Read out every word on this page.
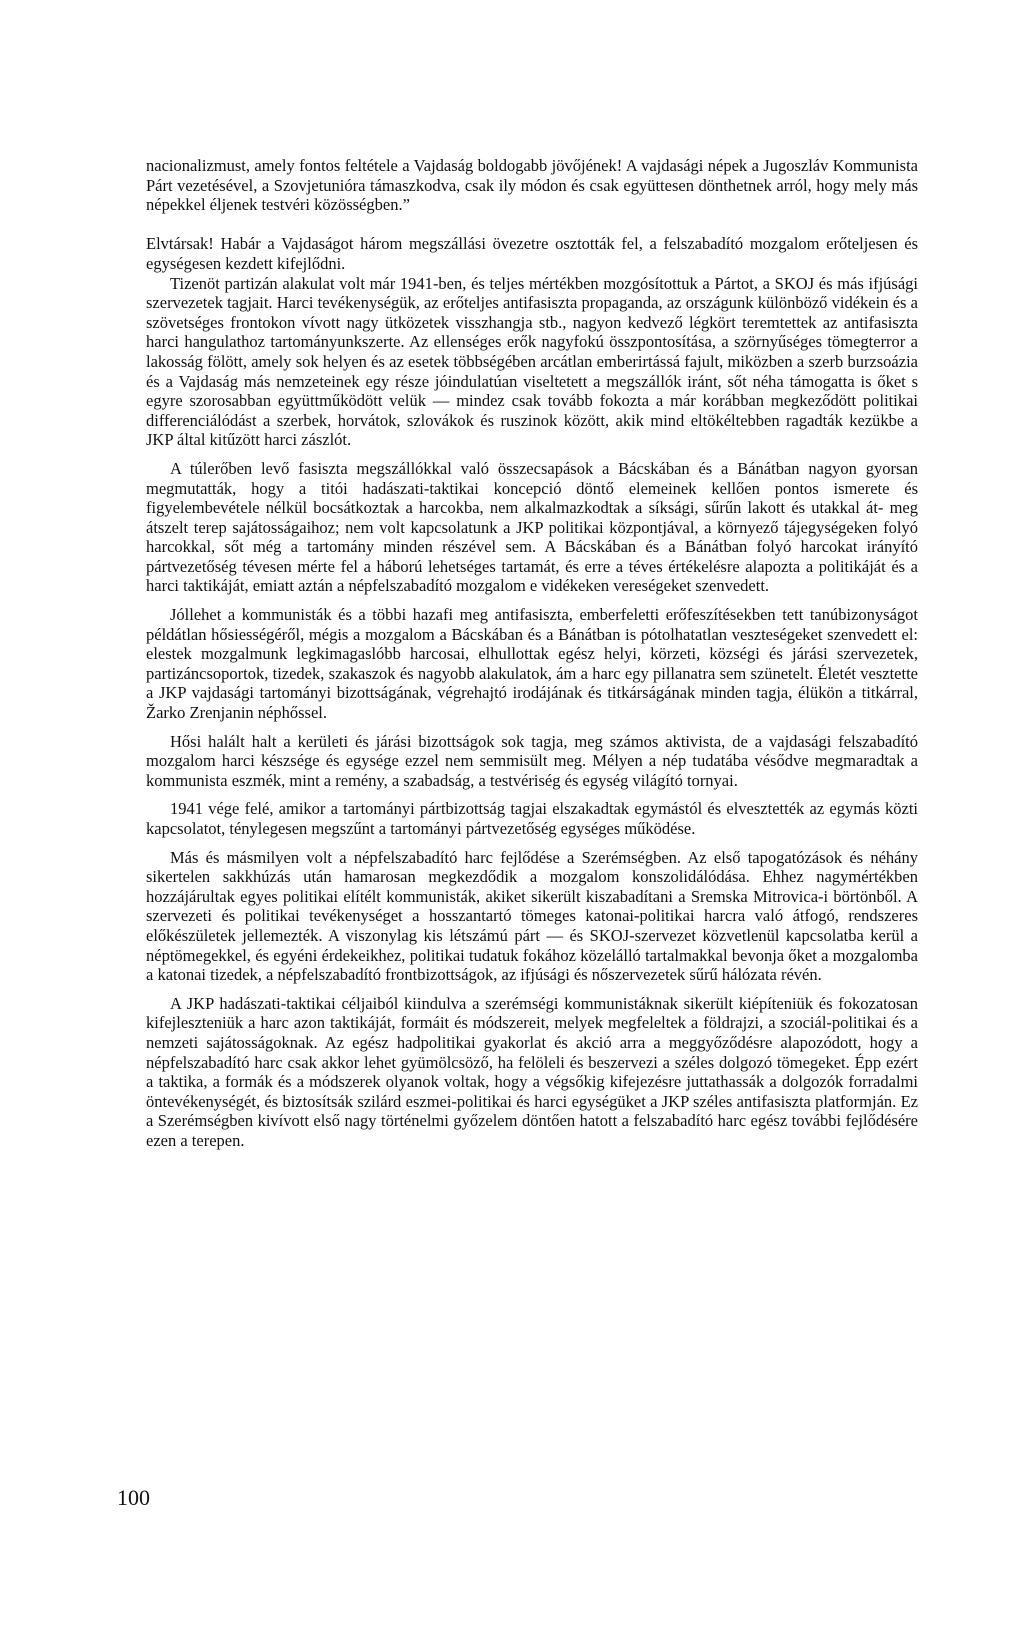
nacionalizmust, amely fontos feltétele a Vajdaság boldogabb jövőjének! A vajdasági népek a Jugoszláv Kommunista Párt vezetésével, a Szovjetunióra támaszkodva, csak ily módon és csak együttesen dönthetnek arról, hogy mely más népekkel éljenek testvéri közösségben.”

Elvtársak! Habár a Vajdaságot három megszállási övezetre osztották fel, a felszabadító mozgalom erőteljesen és egységesen kezdett kifejlődni.

Tizenöt partizán alakulat volt már 1941-ben, és teljes mértékben mozgósítottuk a Pártot, a SKOJ és más ifjúsági szervezetek tagjait. Harci tevékenységük, az erőteljes antifasiszta propaganda, az országunk különböző vidékein és a szövetséges frontokon vívott nagy ütközetek visszhangja stb., nagyon kedvező légkört teremtettek az antifasiszta harci hangulathoz tartományunkszerte. Az ellenséges erők nagyfokú összpontosítása, a szörnyűséges tömegterror a lakosság fölött, amely sok helyen és az esetek többségében arcátlan emberirtássá fajult, miközben a szerb burzsoázia és a Vajdaság más nemzeteinek egy része jóindulatúan viseltetett a megszállók iránt, sőt néha támogatta is őket s egyre szorosabban együttműködött velük — mindez csak tovább fokozta a már korábban megkeződött politikai differenciálódást a szerbek, horvátok, szlovákok és ruszinok között, akik mind eltökéltebben ragadták kezükbe a JKP által kitűzött harci zászlót.

A túlerőben levő fasiszta megszállókkal való összecsapások a Bácskában és a Bánátban nagyon gyorsan megmutatták, hogy a titói hadászati-taktikai koncepció döntő elemeinek kellően pontos ismerete és figyelembevétele nélkül bocsátkoztak a harcokba, nem alkalmazkodtak a síksági, sűrűn lakott és utakkal át- meg átszelt terep sajátosságaihoz; nem volt kapcsolatunk a JKP politikai központjával, a környező tájegységeken folyó harcokkal, sőt még a tartomány minden részével sem. A Bácskában és a Bánátban folyó harcokat irányító pártvezetőség tévesen mérte fel a háború lehetséges tartamát, és erre a téves értékelésre alapozta a politikáját és a harci taktikáját, emiatt aztán a népfelszabadító mozgalom e vidékeken vereségeket szenvedett.

Jóllehet a kommunisták és a többi hazafi meg antifasiszta, emberfeletti erőfeszítésekben tett tanúbizonyságot példátlan hősiességéről, mégis a mozgalom a Bácskában és a Bánátban is pótolhatatlan veszteségeket szenvedett el: elestek mozgalmunk legkimagaslóbb harcosai, elhullottak egész helyi, körzeti, községi és járási szervezetek, partizáncsoportok, tizedek, szakaszok és nagyobb alakulatok, ám a harc egy pillanatra sem szünetelt. Életét vesztette a JKP vajdasági tartományi bizottságának, végrehajtó irodájának és titkárságának minden tagja, élükön a titkárral, Žarko Zrenjanin néphőssel.

Hősi halált halt a kerületi és járási bizottságok sok tagja, meg számos aktivista, de a vajdasági felszabadító mozgalom harci készsége és egysége ezzel nem semmisült meg. Mélyen a nép tudatába vésődve megmaradtak a kommunista eszmék, mint a remény, a szabadság, a testvériség és egység világító tornyai.

1941 vége felé, amikor a tartományi pártbizottság tagjai elszakadtak egymástól és elvesztették az egymás közti kapcsolatot, ténylegesen megszűnt a tartományi pártvezetőség egységes működése.

Más és másmilyen volt a népfelszabadító harc fejlődése a Szerémségben. Az első tapogatózások és néhány sikertelen sakkhúzás után hamarosan megkezdődik a mozgalom konszolidálódása. Ehhez nagymértékben hozzájárultak egyes politikai elítélt kommunisták, akiket sikerült kiszabadítani a Sremska Mitrovica-i börtönből. A szervezeti és politikai tevékenységet a hosszantartó tömeges katonai-politikai harcra való átfogó, rendszeres előkészületek jellemezték. A viszonylag kis létszámú párt — és SKOJ-szervezet közvetlenül kapcsolatba kerül a néptömegekkel, és egyéni érdekeikhez, politikai tudatuk fokához közelálló tartalmakkal bevonja őket a mozgalomba a katonai tizedek, a népfelszabadító frontbizottságok, az ifjúsági és nőszervezetek sűrű hálózata révén.

A JKP hadászati-taktikai céljaiból kiindulva a szerémségi kommunistáknak sikerült kiépíteniük és fokozatosan kifejleszteniük a harc azon taktikáját, formáit és módszereit, melyek megfeleltek a földrajzi, a szociál-politikai és a nemzeti sajátosságoknak. Az egész hadpolitikai gyakorlat és akció arra a meggyőződésre alapozódott, hogy a népfelszabadító harc csak akkor lehet gyümölcsöző, ha felöleli és beszervezi a széles dolgozó tömegeket. Épp ezért a taktika, a formák és a módszerek olyanok voltak, hogy a végsőkig kifejezésre juttathassák a dolgozók forradalmi öntevékenységét, és biztosítsák szilárd eszmei-politikai és harci egységüket a JKP széles antifasiszta platformján. Ez a Szerémségben kivívott első nagy történelmi győzelem döntően hatott a felszabadító harc egész további fejlődésére ezen a terepen.

100
